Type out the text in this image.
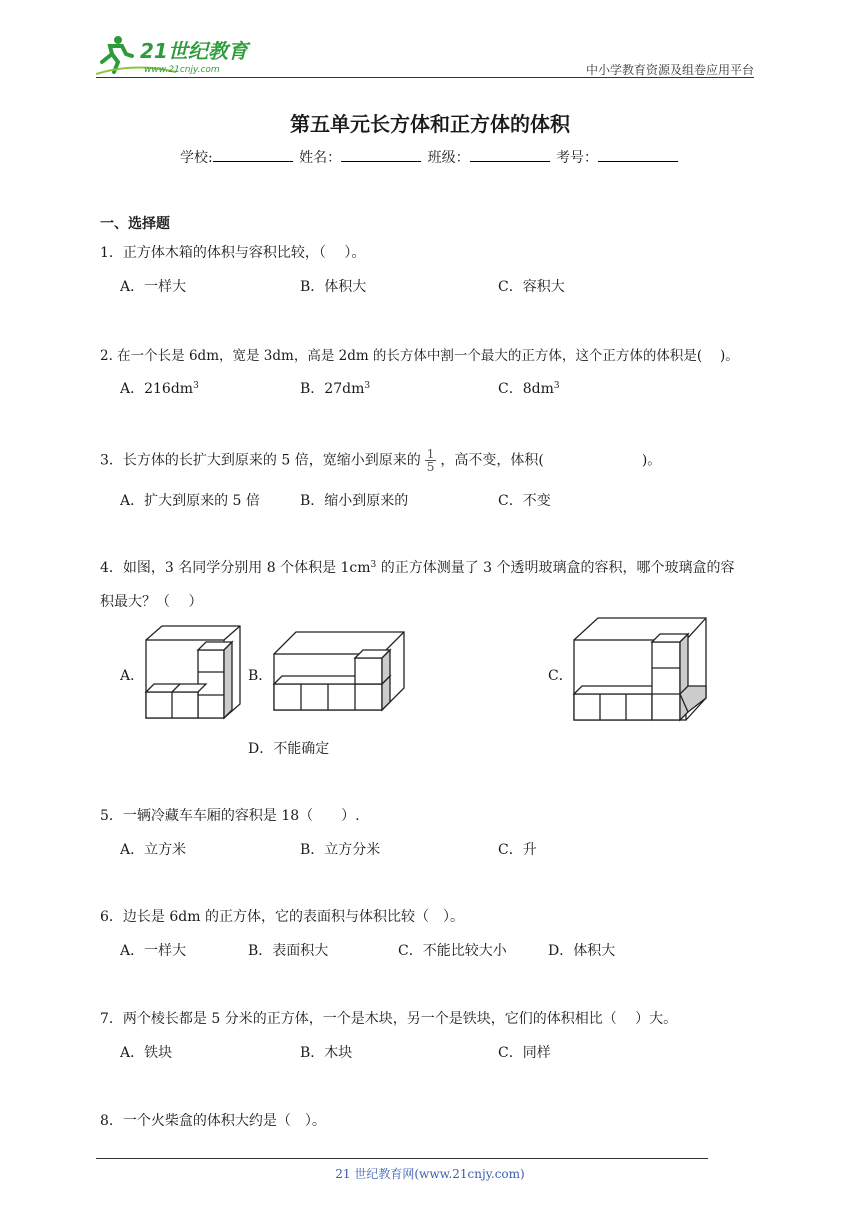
21世纪教育
www.21cnjy.com	中小学教育资源及组卷应用平台
第五单元长方体和正方体的体积
学校:	姓名：	班级：	考号：
一、选择题
1．正方体木箱的体积与容积比较，（　 ）。
A．一样大	B．体积大	C．容积大
2. 在一个长是 6dm，宽是 3dm，高是 2dm 的长方体中割一个最大的正方体，这个正方体的体积是(　 )。
A．$216dm^3$	B．$27dm^3$	C．$8dm^3$
3．长方体的长扩大到原来的 5 倍，宽缩小到原来的 $\frac{1}{5}$ ，高不变，体积(　　　　　　　)。
A．扩大到原来的 5 倍	B．缩小到原来的	C．不变
4．如图，3 名同学分别用 8 个体积是 $1cm^3$ 的正方体测量了 3 个透明玻璃盒的容积，哪个玻璃盒的容
积最大？（　 ）
A．	B．	C．
D．不能确定
5．一辆冷藏车车厢的容积是 18（　　）.
A．立方米	B．立方分米	C．升
6．边长是 6dm 的正方体，它的表面积与体积比较（　）。
A．一样大	B．表面积大	C．不能比较大小	D．体积大
7．两个棱长都是 5 分米的正方体，一个是木块，另一个是铁块，它们的体积相比（　 ）大。
A．铁块	B．木块	C．同样
8．一个火柴盒的体积大约是（　）。
21 世纪教育网(www.21cnjy.com)
